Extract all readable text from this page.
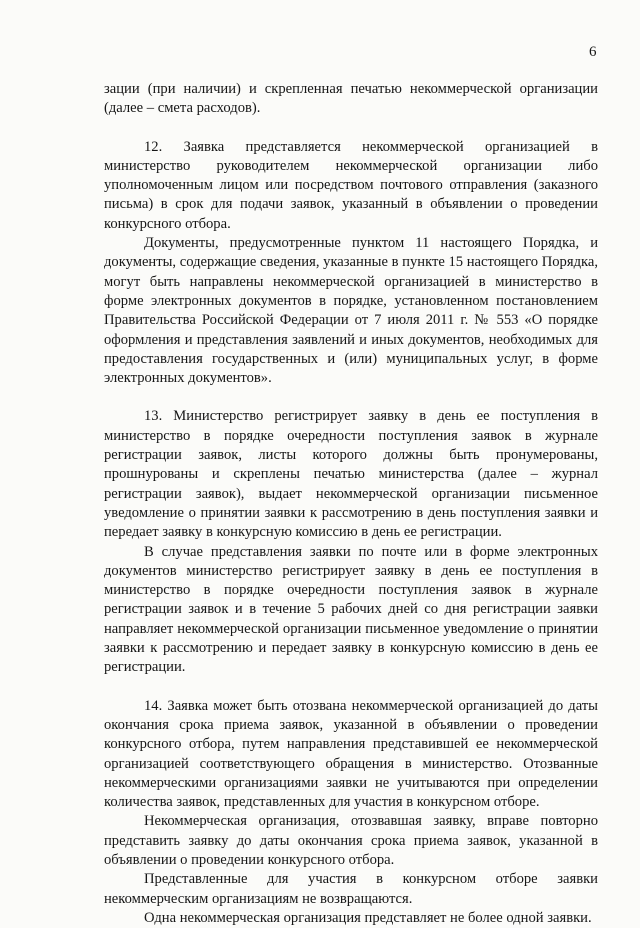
6

зации (при наличии) и скрепленная печатью некоммерческой организации (далее – смета расходов).

12. Заявка представляется некоммерческой организацией в министерство руководителем некоммерческой организации либо уполномоченным лицом или посредством почтового отправления (заказного письма) в срок для подачи заявок, указанный в объявлении о проведении конкурсного отбора.

Документы, предусмотренные пунктом 11 настоящего Порядка, и документы, содержащие сведения, указанные в пункте 15 настоящего Порядка, могут быть направлены некоммерческой организацией в министерство в форме электронных документов в порядке, установленном постановлением Правительства Российской Федерации от 7 июля 2011 г. № 553 «О порядке оформления и представления заявлений и иных документов, необходимых для предоставления государственных и (или) муниципальных услуг, в форме электронных документов».

13. Министерство регистрирует заявку в день ее поступления в министерство в порядке очередности поступления заявок в журнале регистрации заявок, листы которого должны быть пронумерованы, прошнурованы и скреплены печатью министерства (далее – журнал регистрации заявок), выдает некоммерческой организации письменное уведомление о принятии заявки к рассмотрению в день поступления заявки и передает заявку в конкурсную комиссию в день ее регистрации.

В случае представления заявки по почте или в форме электронных документов министерство регистрирует заявку в день ее поступления в министерство в порядке очередности поступления заявок в журнале регистрации заявок и в течение 5 рабочих дней со дня регистрации заявки направляет некоммерческой организации письменное уведомление о принятии заявки к рассмотрению и передает заявку в конкурсную комиссию в день ее регистрации.

14. Заявка может быть отозвана некоммерческой организацией до даты окончания срока приема заявок, указанной в объявлении о проведении конкурсного отбора, путем направления представившей ее некоммерческой организацией соответствующего обращения в министерство. Отозванные некоммерческими организациями заявки не учитываются при определении количества заявок, представленных для участия в конкурсном отборе.

Некоммерческая организация, отозвавшая заявку, вправе повторно представить заявку до даты окончания срока приема заявок, указанной в объявлении о проведении конкурсного отбора.

Представленные для участия в конкурсном отборе заявки некоммерческим организациям не возвращаются.

Одна некоммерческая организация представляет не более одной заявки.
